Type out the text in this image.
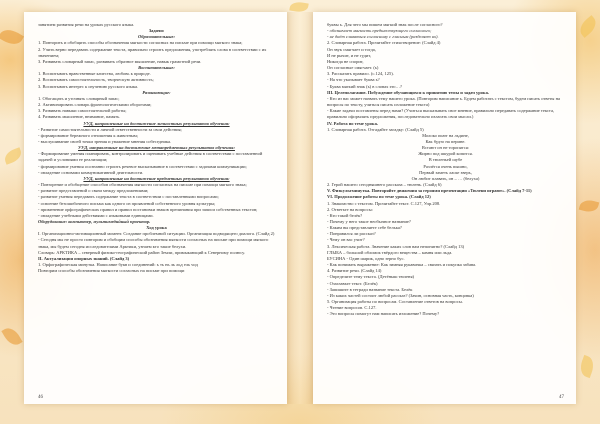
занятием развития речи на уроках русского языка.

Задачи:

Образовательные:

1. Повторить и обобщить способы обозначения мягкости согласных на письме при помощи мягкого знака;

2. Учить верно передавать содержание текста, правильно строить предложения, употреблять слова в соответствии с их значением;

3. Развивать словарный запас, развивать образное мышление, навык грамотной речи.

Воспитательные:

1. Воспитывать нравственные качества, любовь к природе.

2. Воспитывать самостоятельность, творческую активность;

3. Воспитывать интерес к изучению русского языка.

Развивающие:

1. Обогащать и уточнять словарный запас;

2. Активизировать словарь фразеологическими оборотами;

3. Развивать навыки самостоятельной работы;

4. Развивать мышление, внимание, память.

УУД, направленные на достижение личностных результатов обучения:

- Развитие самостоятельности и личной ответственности за свои действия;

- формирование бережного отношения к животным;

- выслушивание своей точки зрения и уважение мнения собеседника.

УУД, направленные на достижение метапредметных результатов обучения:

- Формирование умения планировать, контролировать и оценивать учебные действия в соответствии с поставленной задачей и условиями ее реализации;

- формирование умения осознанно строить речевое высказывание в соответствии с задачами коммуникации;

- овладение основами коммуникативной деятельности.

УУД, направленные на достижение предметных результатов обучения:

- Повторение и обобщение способов обозначения мягкости согласных на письме при помощи мягкого знака;

- развитие представлений о связи между предложениями;

- развитие умения передавать содержание текста в соответствии с поставленными вопросами;

- освоение безошибочного письма как одного из проявлений собственного уровня культуры;

- применение орфографических правил и правил постановки знаков препинания при записи собственных текстов;

- овладение учебными действиями с языковыми единицами.

Оборудование: компьютер, мультимедийный проектор.

Ход урока

I. Организационно-мотивационный момент. Создание проблемной ситуации. Организация подводящего диалога. (Слайд 2)

- Сегодня мы не просто повторим и обобщим способы обозначения мягкости согласных на письме при помощи мягкого знака, мы будем сегодня исследователями Арктики, узнаем кто такие белухи.

Словарь: АРКТИКА – северный физико-географический район Земли, примыкающий к Северному полюсу.

II. Актуализация опорных знаний. (Слайд 3)

1. Орфографическая минутка. Написание букв и соединений: ь ть нь ль льд ель чод

Повторим способы обозначения мягкости согласных на письме при помощи

46

буквы ь. Для чего мы пишем мягкий знак после согласного?

- обозначает мягкость предшествующего согласного;

- не даёт сливаться согласному с гласным (разделяет их).

2. Словарная работа. Прочитайте стихотворение: (Слайд 4)

Он звук смягчает и тогда,

И не рычит, и не гудит,

Никогда не спорит,

Он согласные смягчает. (ь)

3. Рассказать правило. (с.124, 125).

- На что указывает буква ь?

- Буква мягкий знак (ь) в словах это…?

III. Целеполагание. Побуждение обучающихся к принятию темы и задач урока.

- Кто из вас может назвать тему нашего урока. (Повторим написание ь. Будем работать с текстом, будем писать ответы на вопросы по тексту, учиться писать изложение текста)

- Какие задачи поставлены перед нами? (Учиться высказывать свое мнение, правильно передавать содержание текста, правильно оформлять предложения, последовательно излагать свои мысли.)

IV. Работа по теме урока.

1. Словарная работа. Отгадайте загадку: (Слайд 5)

Молоко пьют на льдине,

Как будто на перине.

Встают он не торопятся:

Жирно под шкурой копится.

В тюленьей шубе

Разлёгся очень пышно,

Первый заметь ласке зверь,

Он любит плавать, он – … (белуха)

2. Герой нашего сегодняшнего рассказа – тюлень. (Слайд 6)

V. Физкультминутка. Повторяйте движения за героями презентации «Тюлени играют». (Слайд 7-11)

VI. Продолжение работы по теме урока. (Слайд 12)

1. Знакомство с текстом. Прочитайте текст. С.127, Упр.208.

2. Ответьте на вопросы:

- Кто такой белёк?

- Почему у него такое необычное название?

- Каким вы представляете себе белька?

- Понравился ли рассказ?

- Чему он вас учит?

3. Лексическая работа. Значение каких слов вам непонятно? (Слайд 13)

ГЛЫБА – большой обломок твёрдого вещества – камня или льда.

БУСИНА - Один шарик, одно зерно бус.

- Как понимать выражение: Как зимняя рукавичка – связать и покупка забава.

4. Развитие речи. (Слайд 14)

- Определите тему текста. (Детёныш тюленя)

- Озаглавьте текст. (Белёк)

- Запишите в тетради название текста. Белёк

- Из каких частей состоит любой рассказ? (Зачин, основная часть, концовка)

5. Организация работы по вопросам. Составление ответов на вопросы.

- Чтение вопросов. С.127.

- Это вопросы помогут нам написать изложение? Почему?

47
